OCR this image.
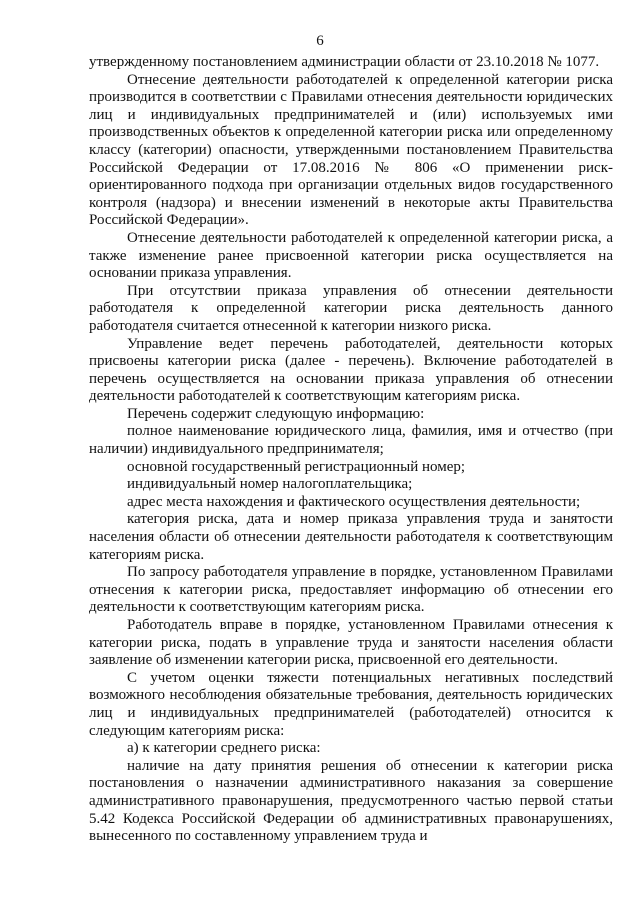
6

утвержденному постановлением администрации области от 23.10.2018 № 1077.

Отнесение деятельности работодателей к определенной категории риска производится в соответствии с Правилами отнесения деятельности юридических лиц и индивидуальных предпринимателей и (или) используемых ими производственных объектов к определенной категории риска или определенному классу (категории) опасности, утвержденными постановлением Правительства Российской Федерации от 17.08.2016 № 806 «О применении риск-ориентированного подхода при организации отдельных видов государственного контроля (надзора) и внесении изменений в некоторые акты Правительства Российской Федерации».

Отнесение деятельности работодателей к определенной категории риска, а также изменение ранее присвоенной категории риска осуществляется на основании приказа управления.

При отсутствии приказа управления об отнесении деятельности работодателя к определенной категории риска деятельность данного работодателя считается отнесенной к категории низкого риска.

Управление ведет перечень работодателей, деятельности которых присвоены категории риска (далее - перечень). Включение работодателей в перечень осуществляется на основании приказа управления об отнесении деятельности работодателей к соответствующим категориям риска.

Перечень содержит следующую информацию:

полное наименование юридического лица, фамилия, имя и отчество (при наличии) индивидуального предпринимателя;

основной государственный регистрационный номер;

индивидуальный номер налогоплательщика;

адрес места нахождения и фактического осуществления деятельности;

категория риска, дата и номер приказа управления труда и занятости населения области об отнесении деятельности работодателя к соответствующим категориям риска.

По запросу работодателя управление в порядке, установленном Правилами отнесения к категории риска, предоставляет информацию об отнесении его деятельности к соответствующим категориям риска.

Работодатель вправе в порядке, установленном Правилами отнесения к категории риска, подать в управление труда и занятости населения области заявление об изменении категории риска, присвоенной его деятельности.

С учетом оценки тяжести потенциальных негативных последствий возможного несоблюдения обязательные требования, деятельность юридических лиц и индивидуальных предпринимателей (работодателей) относится к следующим категориям риска:

а) к категории среднего риска:

наличие на дату принятия решения об отнесении к категории риска постановления о назначении административного наказания за совершение административного правонарушения, предусмотренного частью первой статьи 5.42 Кодекса Российской Федерации об административных правонарушениях, вынесенного по составленному управлением труда и
